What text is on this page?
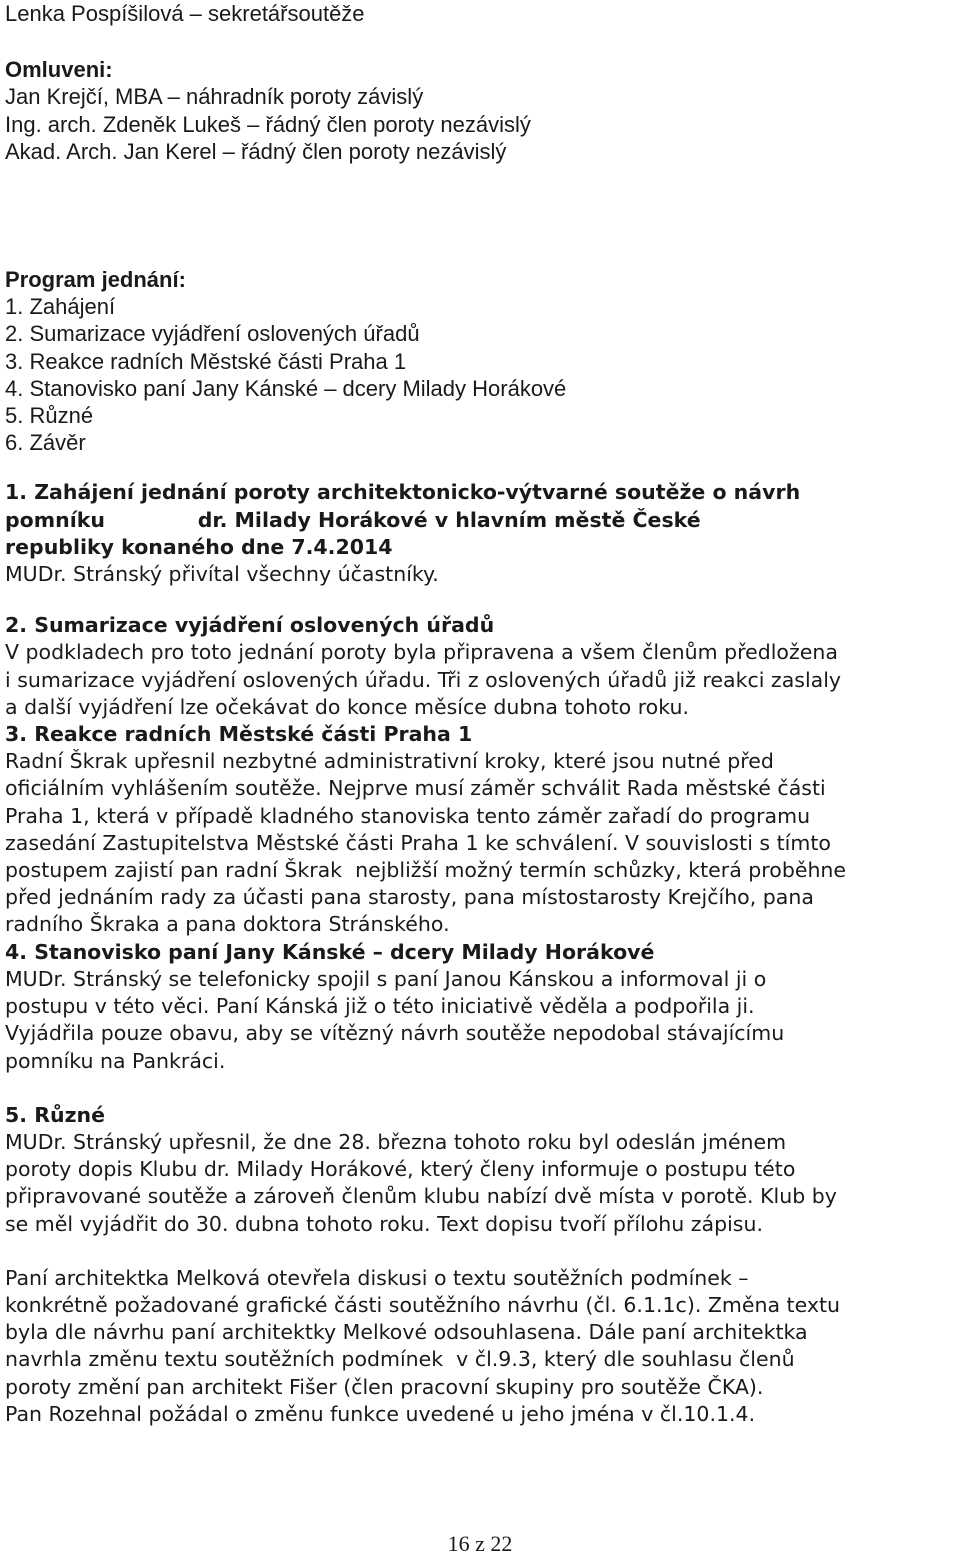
Lenka Pospíšilová – sekretářsoutěže
Omluveni:
Jan Krejčí, MBA – náhradník poroty závislý
Ing. arch. Zdeněk Lukeš – řádný člen poroty nezávislý
Akad. Arch. Jan Kerel – řádný člen poroty nezávislý
Program jednání:
1. Zahájení
2. Sumarizace vyjádření oslovených úřadů
3. Reakce radních Městské části Praha 1
4. Stanovisko paní Jany Kánské – dcery Milady Horákové
5. Různé
6. Závěr
1. Zahájení jednání poroty architektonicko-výtvarné soutěže o návrh
pomníku             dr. Milady Horákové v hlavním městě České
republiky konaného dne 7.4.2014
MUDr. Stránský přivítal všechny účastníky.
2. Sumarizace vyjádření oslovených úřadů
V podkladech pro toto jednání poroty byla připravena a všem členům předložena
i sumarizace vyjádření oslovených úřadu. Tři z oslovených úřadů již reakci zaslaly
a další vyjádření lze očekávat do konce měsíce dubna tohoto roku.
3. Reakce radních Městské části Praha 1
Radní Škrak upřesnil nezbytné administrativní kroky, které jsou nutné před
oficiálním vyhlášením soutěže. Nejprve musí záměr schválit Rada městské části
Praha 1, která v případě kladného stanoviska tento záměr zařadí do programu
zasedání Zastupitelstva Městské části Praha 1 ke schválení. V souvislosti s tímto
postupem zajistí pan radní Škrak  nejbližší možný termín schůzky, která proběhne
před jednáním rady za účasti pana starosty, pana místostarosty Krejčího, pana
radního Škraka a pana doktora Stránského.
4. Stanovisko paní Jany Kánské – dcery Milady Horákové
MUDr. Stránský se telefonicky spojil s paní Janou Kánskou a informoval ji o
postupu v této věci. Paní Kánská již o této iniciativě věděla a podpořila ji.
Vyjádřila pouze obavu, aby se vítězný návrh soutěže nepodobal stávajícímu
pomníku na Pankráci.
5. Různé
MUDr. Stránský upřesnil, že dne 28. března tohoto roku byl odeslán jménem
poroty dopis Klubu dr. Milady Horákové, který členy informuje o postupu této
připravované soutěže a zároveň členům klubu nabízí dvě místa v porotě. Klub by
se měl vyjádřit do 30. dubna tohoto roku. Text dopisu tvoří přílohu zápisu.
Paní architektka Melková otevřela diskusi o textu soutěžních podmínek –
konkrétně požadované grafické části soutěžního návrhu (čl. 6.1.1c). Změna textu
byla dle návrhu paní architektky Melkové odsouhlasena. Dále paní architektka
navrhla změnu textu soutěžních podmínek  v čl.9.3, který dle souhlasu členů
poroty změní pan architekt Fišer (člen pracovní skupiny pro soutěže ČKA).
Pan Rozehnal požádal o změnu funkce uvedené u jeho jména v čl.10.1.4.
16 z 22
